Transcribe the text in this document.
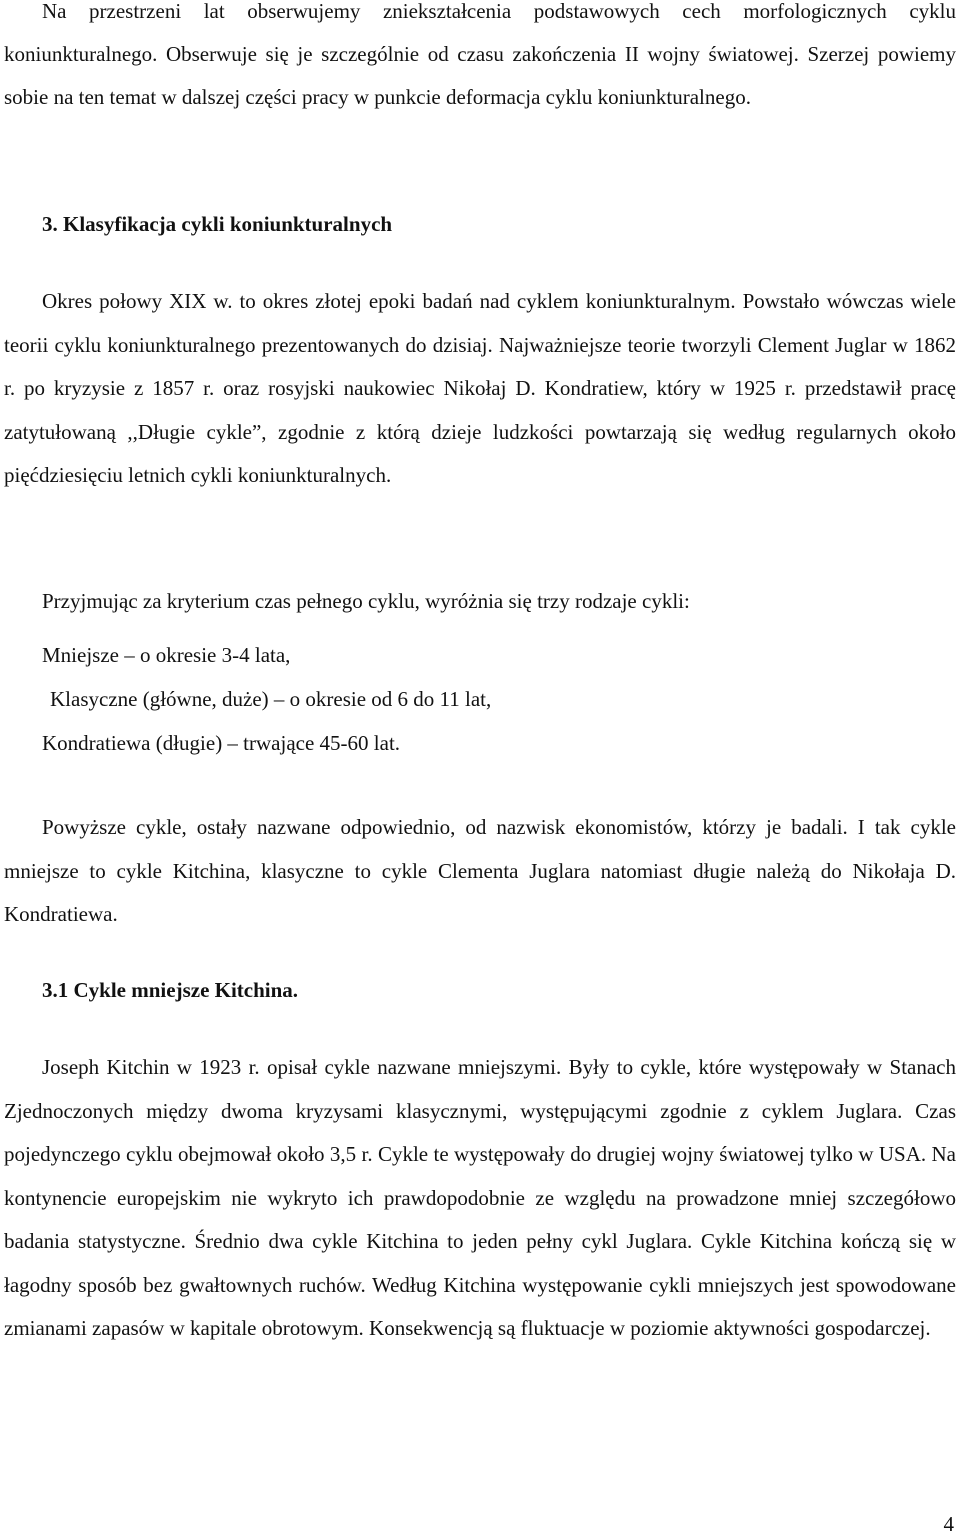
Na przestrzeni lat obserwujemy zniekształcenia podstawowych cech morfologicznych cyklu koniunkturalnego. Obserwuje się je szczególnie od czasu zakończenia II wojny światowej. Szerzej powiemy sobie na ten temat w dalszej części pracy w punkcie deformacja cyklu koniunkturalnego.

3. Klasyfikacja cykli koniunkturalnych

Okres połowy XIX w. to okres złotej epoki badań nad cyklem koniunkturalnym. Powstało wówczas wiele teorii cyklu koniunkturalnego prezentowanych do dzisiaj. Najważniejsze teorie tworzyli Clement Juglar w 1862 r. po kryzysie z 1857 r. oraz rosyjski naukowiec Nikołaj D. Kondratiew, który w 1925 r. przedstawił pracę zatytułowaną ,,Długie cykle”, zgodnie z którą dzieje ludzkości powtarzają się według regularnych około pięćdziesięciu letnich cykli koniunkturalnych.

Przyjmując za kryterium czas pełnego cyklu, wyróżnia się trzy rodzaje cykli:
Mniejsze – o okresie 3-4 lata,
Klasyczne (główne, duże) – o okresie od 6 do 11 lat,
Kondratiewa (długie) – trwające 45-60 lat.

Powyższe cykle, ostały nazwane odpowiednio, od nazwisk ekonomistów, którzy je badali. I tak cykle mniejsze to cykle Kitchina, klasyczne to cykle Clementa Juglara natomiast długie należą do Nikołaja D. Kondratiewa.

3.1 Cykle mniejsze Kitchina.

Joseph Kitchin w 1923 r. opisał cykle nazwane mniejszymi. Były to cykle, które występowały w Stanach Zjednoczonych między dwoma kryzysami klasycznymi, występującymi zgodnie z cyklem Juglara. Czas pojedynczego cyklu obejmował około 3,5 r. Cykle te występowały do drugiej wojny światowej tylko w USA. Na kontynencie europejskim nie wykryto ich prawdopodobnie ze względu na prowadzone mniej szczegółowo badania statystyczne. Średnio dwa cykle Kitchina to jeden pełny cykl Juglara. Cykle Kitchina kończą się w łagodny sposób bez gwałtownych ruchów. Według Kitchina występowanie cykli mniejszych jest spowodowane zmianami zapasów w kapitale obrotowym. Konsekwencją są fluktuacje w poziomie aktywności gospodarczej.

4
